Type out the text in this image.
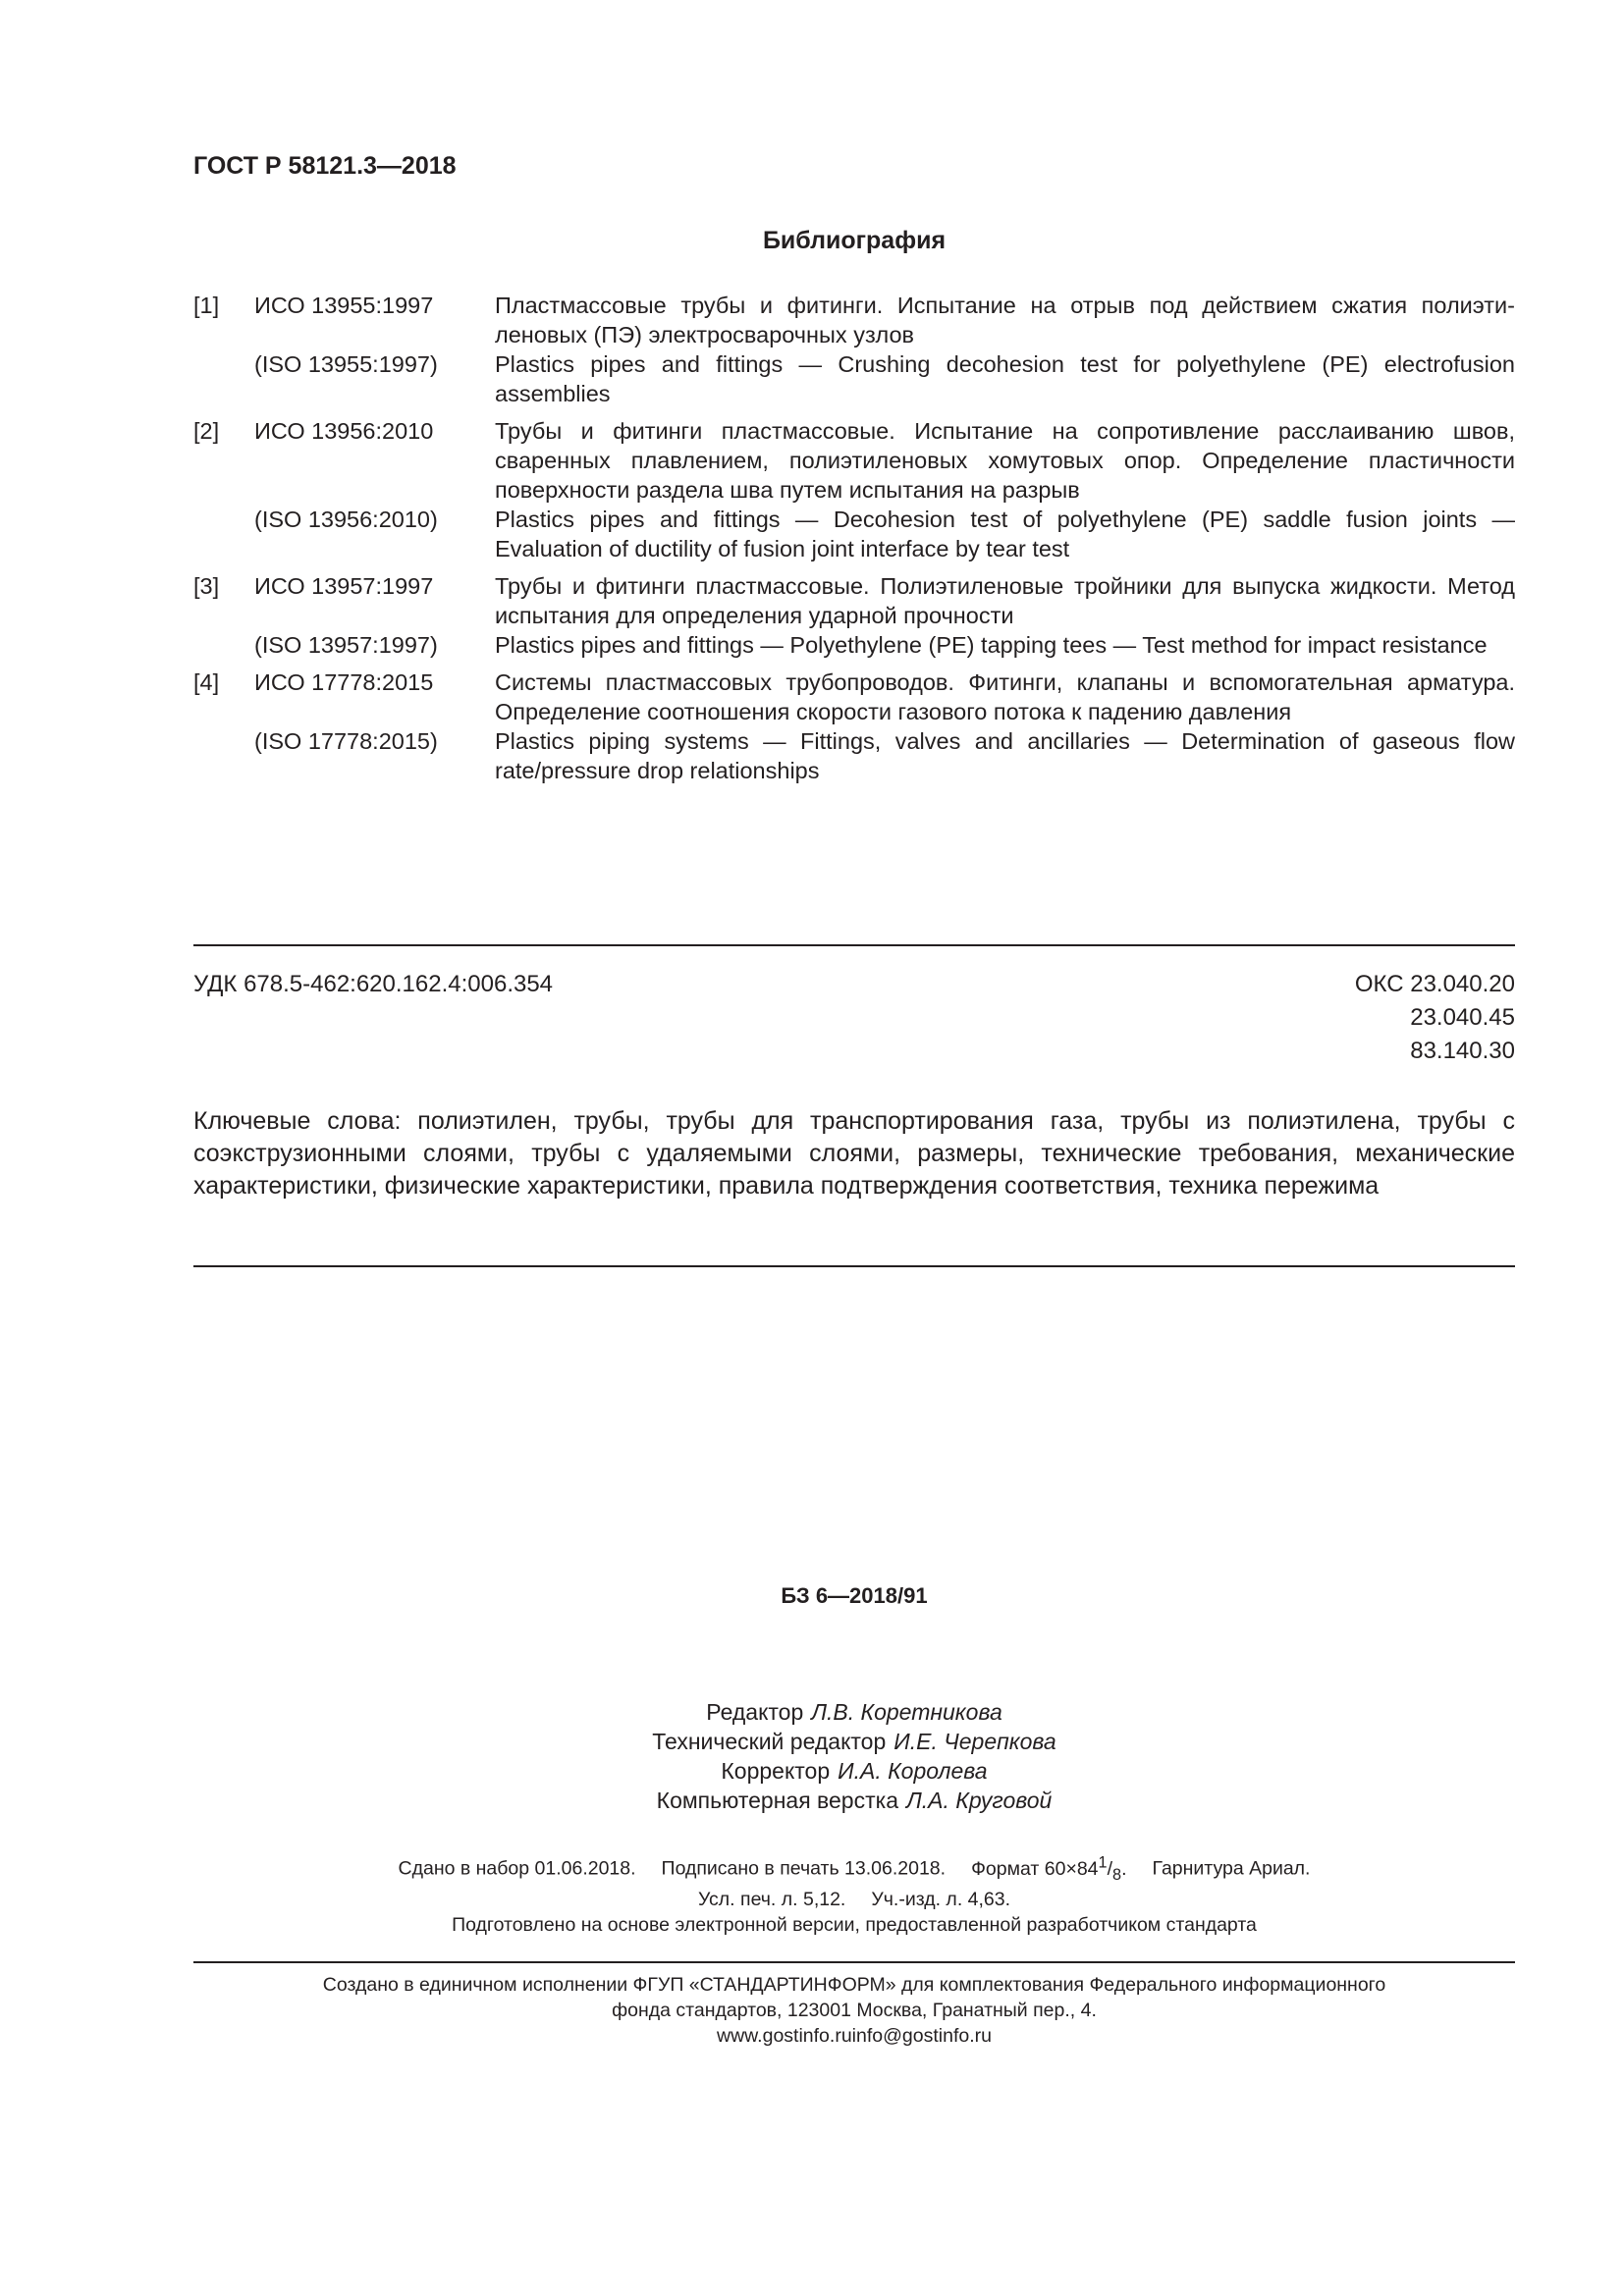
ГОСТ Р 58121.3—2018
Библиография
[1]	ИСО 13955:1997	Пластмассовые трубы и фитинги. Испытание на отрыв под действием сжатия полиэтиленовых (ПЭ) электросварочных узлов
(ISO 13955:1997)	Plastics pipes and fittings — Crushing decohesion test for polyethylene (PE) electrofusion assemblies
[2]	ИСО 13956:2010	Трубы и фитинги пластмассовые. Испытание на сопротивление расслаиванию швов, сваренных плавлением, полиэтиленовых хомутовых опор. Определение пластичности поверхности раздела шва путем испытания на разрыв
(ISO 13956:2010)	Plastics pipes and fittings — Decohesion test of polyethylene (PE) saddle fusion joints — Evaluation of ductility of fusion joint interface by tear test
[3]	ИСО 13957:1997	Трубы и фитинги пластмассовые. Полиэтиленовые тройники для выпуска жидкости. Метод испытания для определения ударной прочности
(ISO 13957:1997)	Plastics pipes and fittings — Polyethylene (PE) tapping tees — Test method for impact resistance
[4]	ИСО 17778:2015	Системы пластмассовых трубопроводов. Фитинги, клапаны и вспомогательная арматура. Определение соотношения скорости газового потока к падению давления
(ISO 17778:2015)	Plastics piping systems — Fittings, valves and ancillaries — Determination of gaseous flow rate/pressure drop relationships
УДК 678.5-462:620.162.4:006.354	ОКС 23.040.20
23.040.45
83.140.30
Ключевые слова: полиэтилен, трубы, трубы для транспортирования газа, трубы из полиэтилена, трубы с соэкструзионными слоями, трубы с удаляемыми слоями, размеры, технические требования, механические характеристики, физические характеристики, правила подтверждения соответствия, техника пережима
БЗ 6—2018/91
Редактор Л.В. Коретникова
Технический редактор И.Е. Черепкова
Корректор И.А. Королева
Компьютерная верстка Л.А. Круговой
Сдано в набор 01.06.2018. Подписано в печать 13.06.2018. Формат $60\times 84^1/_8$. Гарнитура Ариал.
Усл. печ. л. 5,12. Уч.-изд. л. 4,63.
Подготовлено на основе электронной версии, предоставленной разработчиком стандарта
Создано в единичном исполнении ФГУП «СТАНДАРТИНФОРМ» для комплектования Федерального информационного
фонда стандартов, 123001 Москва, Гранатный пер., 4.
www.gostinfo.ruinfo@gostinfo.ru
